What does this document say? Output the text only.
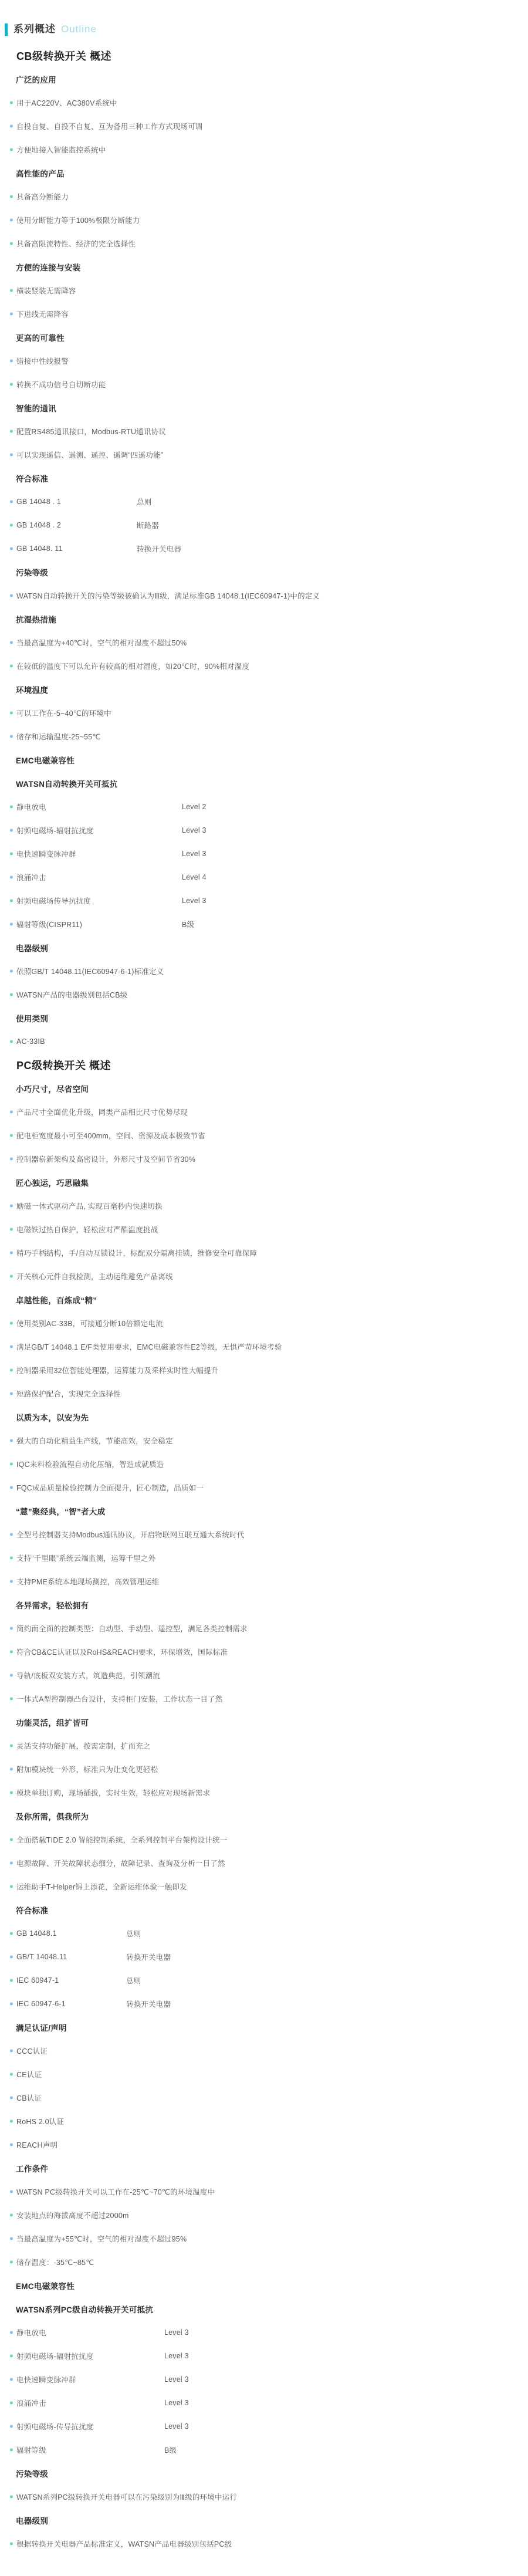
系列概述 Outline
CB级转换开关 概述
广泛的应用
用于AC220V、AC380V系统中
自投自复、自投不自复、互为备用三种工作方式现场可调
方便地接入智能监控系统中
高性能的产品
具备高分断能力
使用分断能力等于100%极限分断能力
具备高限流特性、经济的完全选择性
方便的连接与安装
横装竖装无需降容
下进线无需降容
更高的可靠性
错接中性线报警
转换不成功信号自切断功能
智能的通讯
配置RS485通讯接口，Modbus-RTU通讯协议
可以实现遥信、遥测、遥控、遥调“四遥功能”
符合标准
GB 14048 . 1	总则
GB 14048 . 2	断路器
GB 14048. 11	转换开关电器
污染等级
WATSN自动转换开关的污染等级被确认为Ⅲ级，满足标准GB 14048.1(IEC60947-1)中的定义
抗湿热措施
当最高温度为+40℃时，空气的相对湿度不超过50%
在较低的温度下可以允许有较高的相对湿度，如20℃时，90%相对湿度
环境温度
可以工作在-5~40℃的环境中
储存和运输温度-25~55℃
EMC电磁兼容性
WATSN自动转换开关可抵抗
静电放电	Level 2
射频电磁场-辐射抗扰度	Level 3
电快速瞬变脉冲群	Level 3
浪涌冲击	Level 4
射频电磁场传导抗扰度	Level 3
辐射等级(CISPR11)	B级
电器级别
依照GB/T 14048.11(IEC60947-6-1)标准定义
WATSN产品的电器级别包括CB级
使用类别
AC-33IB
PC级转换开关 概述
小巧尺寸，尽省空间
产品尺寸全面优化升级，同类产品相比尺寸优势尽现
配电柜宽度最小可至400mm，空间、资源及成本极致节省
控制器崭新架构及高密设计，外形尺寸及空间节省30%
匠心独运，巧思融集
励磁一体式驱动产品, 实现百毫秒内快速切换
电磁铁过热自保护，轻松应对严酷温度挑战
精巧手柄结构，手/自动互锁设计，标配双分隔离挂锁，维修安全可靠保障
开关核心元件自我检测，主动运维避免产品离线
卓越性能，百炼成“精”
使用类别AC-33B，可接通分断10倍额定电流
满足GB/T 14048.1 E/F类使用要求，EMC电磁兼容性E2等级，无惧严苛环境考验
控制器采用32位智能处理器，运算能力及采样实时性大幅提升
短路保护配合，实现完全选择性
以质为本，以安为先
强大的自动化精益生产线，节能高效，安全稳定
IQC来料检验流程自动化压缩，智造成就质造
FQC成品质量检验控制力全面提升，匠心制造，品质如一
“慧”聚经典，“智”者大成
全型号控制器支持Modbus通讯协议，开启物联网互联互通大系统时代
支持“千里眼”系统云端监测，运筹千里之外
支持PME系统本地现场测控，高效管理运维
各异需求，轻松拥有
简约而全面的控制类型：自动型、手动型、遥控型，满足各类控制需求
符合CB&CE认证以及RoHS&REACH要求，环保增效，国际标准
导轨/底板双安装方式，筑造典范，引领潮流
一体式A型控制器凸台设计，支持柜门安装，工作状态一目了然
功能灵活，组扩皆可
灵活支持功能扩展，按需定制，扩而充之
附加模块统一外形，标准只为让变化更轻松
模块单独订购，现场插拔，实时生效，轻松应对现场新需求
及你所需，俱我所为
全面搭载TIDE 2.0 智能控制系统，全系列控制平台架构设计统一
电源故障、开关故障状态细分，故障记录、查询及分析一目了然
运维助手T-Helper锦上添花，全新运维体验一触即发
符合标准
GB 14048.1	总则
GB/T 14048.11	转换开关电器
IEC 60947-1	总则
IEC 60947-6-1	转换开关电器
满足认证/声明
CCC认证
CE认证
CB认证
RoHS 2.0认证
REACH声明
工作条件
WATSN PC级转换开关可以工作在-25℃~70℃的环境温度中
安装地点的海拔高度不超过2000m
当最高温度为+55℃时，空气的相对湿度不超过95%
储存温度：-35℃~85℃
EMC电磁兼容性
WATSN系列PC级自动转换开关可抵抗
静电放电	Level 3
射频电磁场-辐射抗扰度	Level 3
电快速瞬变脉冲群	Level 3
浪涌冲击	Level 3
射频电磁场-传导抗扰度	Level 3
辐射等级	B级
污染等级
WATSN系列PC级转换开关电器可以在污染级别为Ⅲ级的环境中运行
电器级别
根据转换开关电器产品标准定义，WATSN产品电器级别包括PC级
